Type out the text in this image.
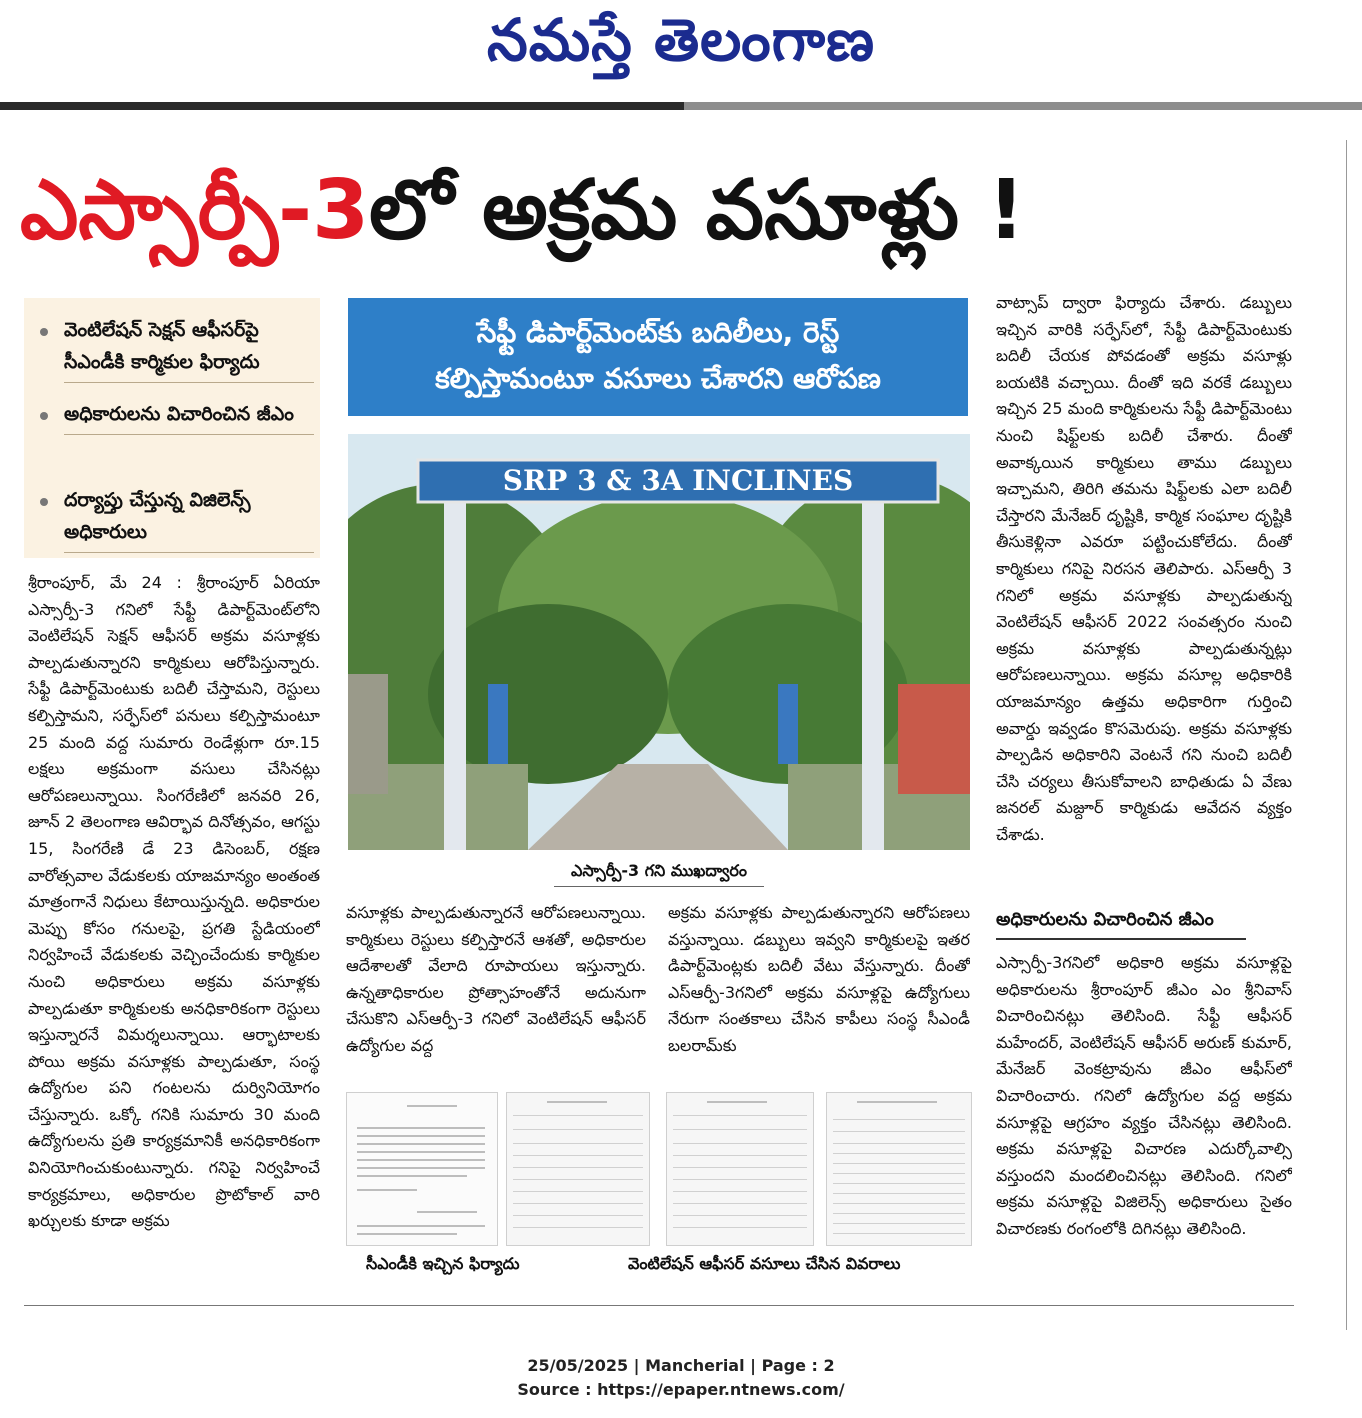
నమస్తే తెలంగాణ
ఎస్సార్పీ-3లో అక్రమ వసూళ్లు !
వెంటిలేషన్ సెక్షన్ ఆఫీసర్‌పై సీఎండీకి కార్మికుల ఫిర్యాదు
అధికారులను విచారించిన జీఎం
దర్యాప్తు చేస్తున్న విజిలెన్స్ అధికారులు
శ్రీరాంపూర్, మే 24 : శ్రీరాంపూర్ ఏరియా ఎస్సార్పీ-3 గనిలో సేఫ్టీ డిపార్ట్‌మెంట్‌లోని వెంటిలేషన్ సెక్షన్ ఆఫీసర్ అక్రమ వసూళ్లకు పాల్పడుతున్నారని కార్మికులు ఆరోపిస్తున్నారు. సేఫ్టీ డిపార్ట్‌మెంటుకు బదిలీ చేస్తామని, రెస్టులు కల్పిస్తామని, సర్ఫేస్‌లో పనులు కల్పిస్తామంటూ 25 మంది వద్ద సుమారు రెండేళ్లుగా రూ.15 లక్షలు అక్రమంగా వసులు చేసినట్లు ఆరోపణలున్నాయి. సింగరేణిలో జనవరి 26, జూన్ 2 తెలంగాణ ఆవిర్భావ దినోత్సవం, ఆగస్టు 15, సింగరేణి డే 23 డిసెంబర్, రక్షణ వారోత్సవాల వేడుకలకు యాజమాన్యం అంతంత మాత్రంగానే నిధులు కేటాయిస్తున్నది. అధికారుల మెప్పు కోసం గనులపై, ప్రగతి స్టేడియంలో నిర్వహించే వేడుకలకు వెచ్చించేందుకు కార్మికుల నుంచి అధికారులు అక్రమ వసూళ్లకు పాల్పడుతూ కార్మికులకు అనధికారికంగా రెస్టులు ఇస్తున్నారనే విమర్శలున్నాయి. ఆర్భాటాలకు పోయి అక్రమ వసూళ్లకు పాల్పడుతూ, సంస్థ ఉద్యోగుల పని గంటలను దుర్వినియోగం చేస్తున్నారు. ఒక్కో గనికి సుమారు 30 మంది ఉద్యోగులను ప్రతి కార్యక్రమానికీ అనధికారికంగా వినియోగించుకుంటున్నారు. గనిపై నిర్వహించే కార్యక్రమాలు, అధికారుల ప్రొటోకాల్ వారి ఖర్చులకు కూడా అక్రమ
సేఫ్టీ డిపార్ట్‌మెంట్‌కు బదిలీలు, రెస్ట్
కల్పిస్తామంటూ వసూలు చేశారని ఆరోపణ
SRP 3 & 3A INCLINES
ఎస్సార్పీ-3 గని ముఖద్వారం
వసూళ్లకు పాల్పడుతున్నారనే ఆరోపణలున్నాయి. కార్మికులు రెస్టులు కల్పిస్తారనే ఆశతో, అధికారుల ఆదేశాలతో వేలాది రూపాయలు ఇస్తున్నారు. ఉన్నతాధికారుల ప్రోత్సాహంతోనే అదునుగా చేసుకొని ఎస్ఆర్పీ-3 గనిలో వెంటిలేషన్ ఆఫీసర్ ఉద్యోగుల వద్ద
అక్రమ వసూళ్లకు పాల్పడుతున్నారని ఆరోపణలు వస్తున్నాయి. డబ్బులు ఇవ్వని కార్మికులపై ఇతర డిపార్ట్‌మెంట్లకు బదిలీ వేటు వేస్తున్నారు. దీంతో ఎస్ఆర్పీ-3గనిలో అక్రమ వసూళ్లపై ఉద్యోగులు నేరుగా సంతకాలు చేసిన కాపీలు సంస్థ సీఎండీ బలరామ్‌కు
సీఎండీకి ఇచ్చిన ఫిర్యాదు	వెంటిలేషన్ ఆఫీసర్ వసూలు చేసిన వివరాలు
వాట్సాప్ ద్వారా ఫిర్యాదు చేశారు. డబ్బులు ఇచ్చిన వారికి సర్ఫేస్‌లో, సేఫ్టీ డిపార్ట్‌మెంటుకు బదిలీ చేయక పోవడంతో అక్రమ వసూళ్లు బయటికి వచ్చాయి. దీంతో ఇది వరకే డబ్బులు ఇచ్చిన 25 మంది కార్మికులను సేఫ్టీ డిపార్ట్‌మెంటు నుంచి షిఫ్ట్‌లకు బదిలీ చేశారు. దీంతో అవాక్కయిన కార్మికులు తాము డబ్బులు ఇచ్చామని, తిరిగి తమను షిఫ్ట్‌లకు ఎలా బదిలీ చేస్తారని మేనేజర్ దృష్టికి, కార్మిక సంఘాల దృష్టికి తీసుకెళ్లినా ఎవరూ పట్టించుకోలేదు. దీంతో కార్మికులు గనిపై నిరసన తెలిపారు. ఎస్ఆర్పీ 3 గనిలో అక్రమ వసూళ్లకు పాల్పడుతున్న వెంటిలేషన్ ఆఫీసర్ 2022 సంవత్సరం నుంచి అక్రమ వసూళ్లకు పాల్పడుతున్నట్లు ఆరోపణలున్నాయి. అక్రమ వసూల్ల అధికారికి యాజమాన్యం ఉత్తమ అధికారిగా గుర్తించి అవార్డు ఇవ్వడం కొసమెరుపు. అక్రమ వసూళ్లకు పాల్పడిన అధికారిని వెంటనే గని నుంచి బదిలీ చేసి చర్యలు తీసుకోవాలని బాధితుడు ఏ వేణు జనరల్ మజ్దూర్ కార్మికుడు ఆవేదన వ్యక్తం చేశాడు.
అధికారులను విచారించిన జీఎం
ఎస్సార్పీ-3గనిలో అధికారి అక్రమ వసూళ్లపై అధికారులను శ్రీరాంపూర్ జీఎం ఎం శ్రీనివాస్ విచారించినట్లు తెలిసింది. సేఫ్టీ ఆఫీసర్ మహేందర్, వెంటిలేషన్ ఆఫీసర్ అరుణ్ కుమార్, మేనేజర్ వెంకట్రావును జీఎం ఆఫీస్‌లో విచారించారు. గనిలో ఉద్యోగుల వద్ద అక్రమ వసూళ్లపై ఆగ్రహం వ్యక్తం చేసినట్లు తెలిసింది. అక్రమ వసూళ్లపై విచారణ ఎదుర్కోవాల్సి వస్తుందని మందలించినట్లు తెలిసింది. గనిలో అక్రమ వసూళ్లపై విజిలెన్స్ అధికారులు సైతం విచారణకు రంగంలోకి దిగినట్లు తెలిసింది.
25/05/2025 | Mancherial | Page : 2
Source : https://epaper.ntnews.com/
